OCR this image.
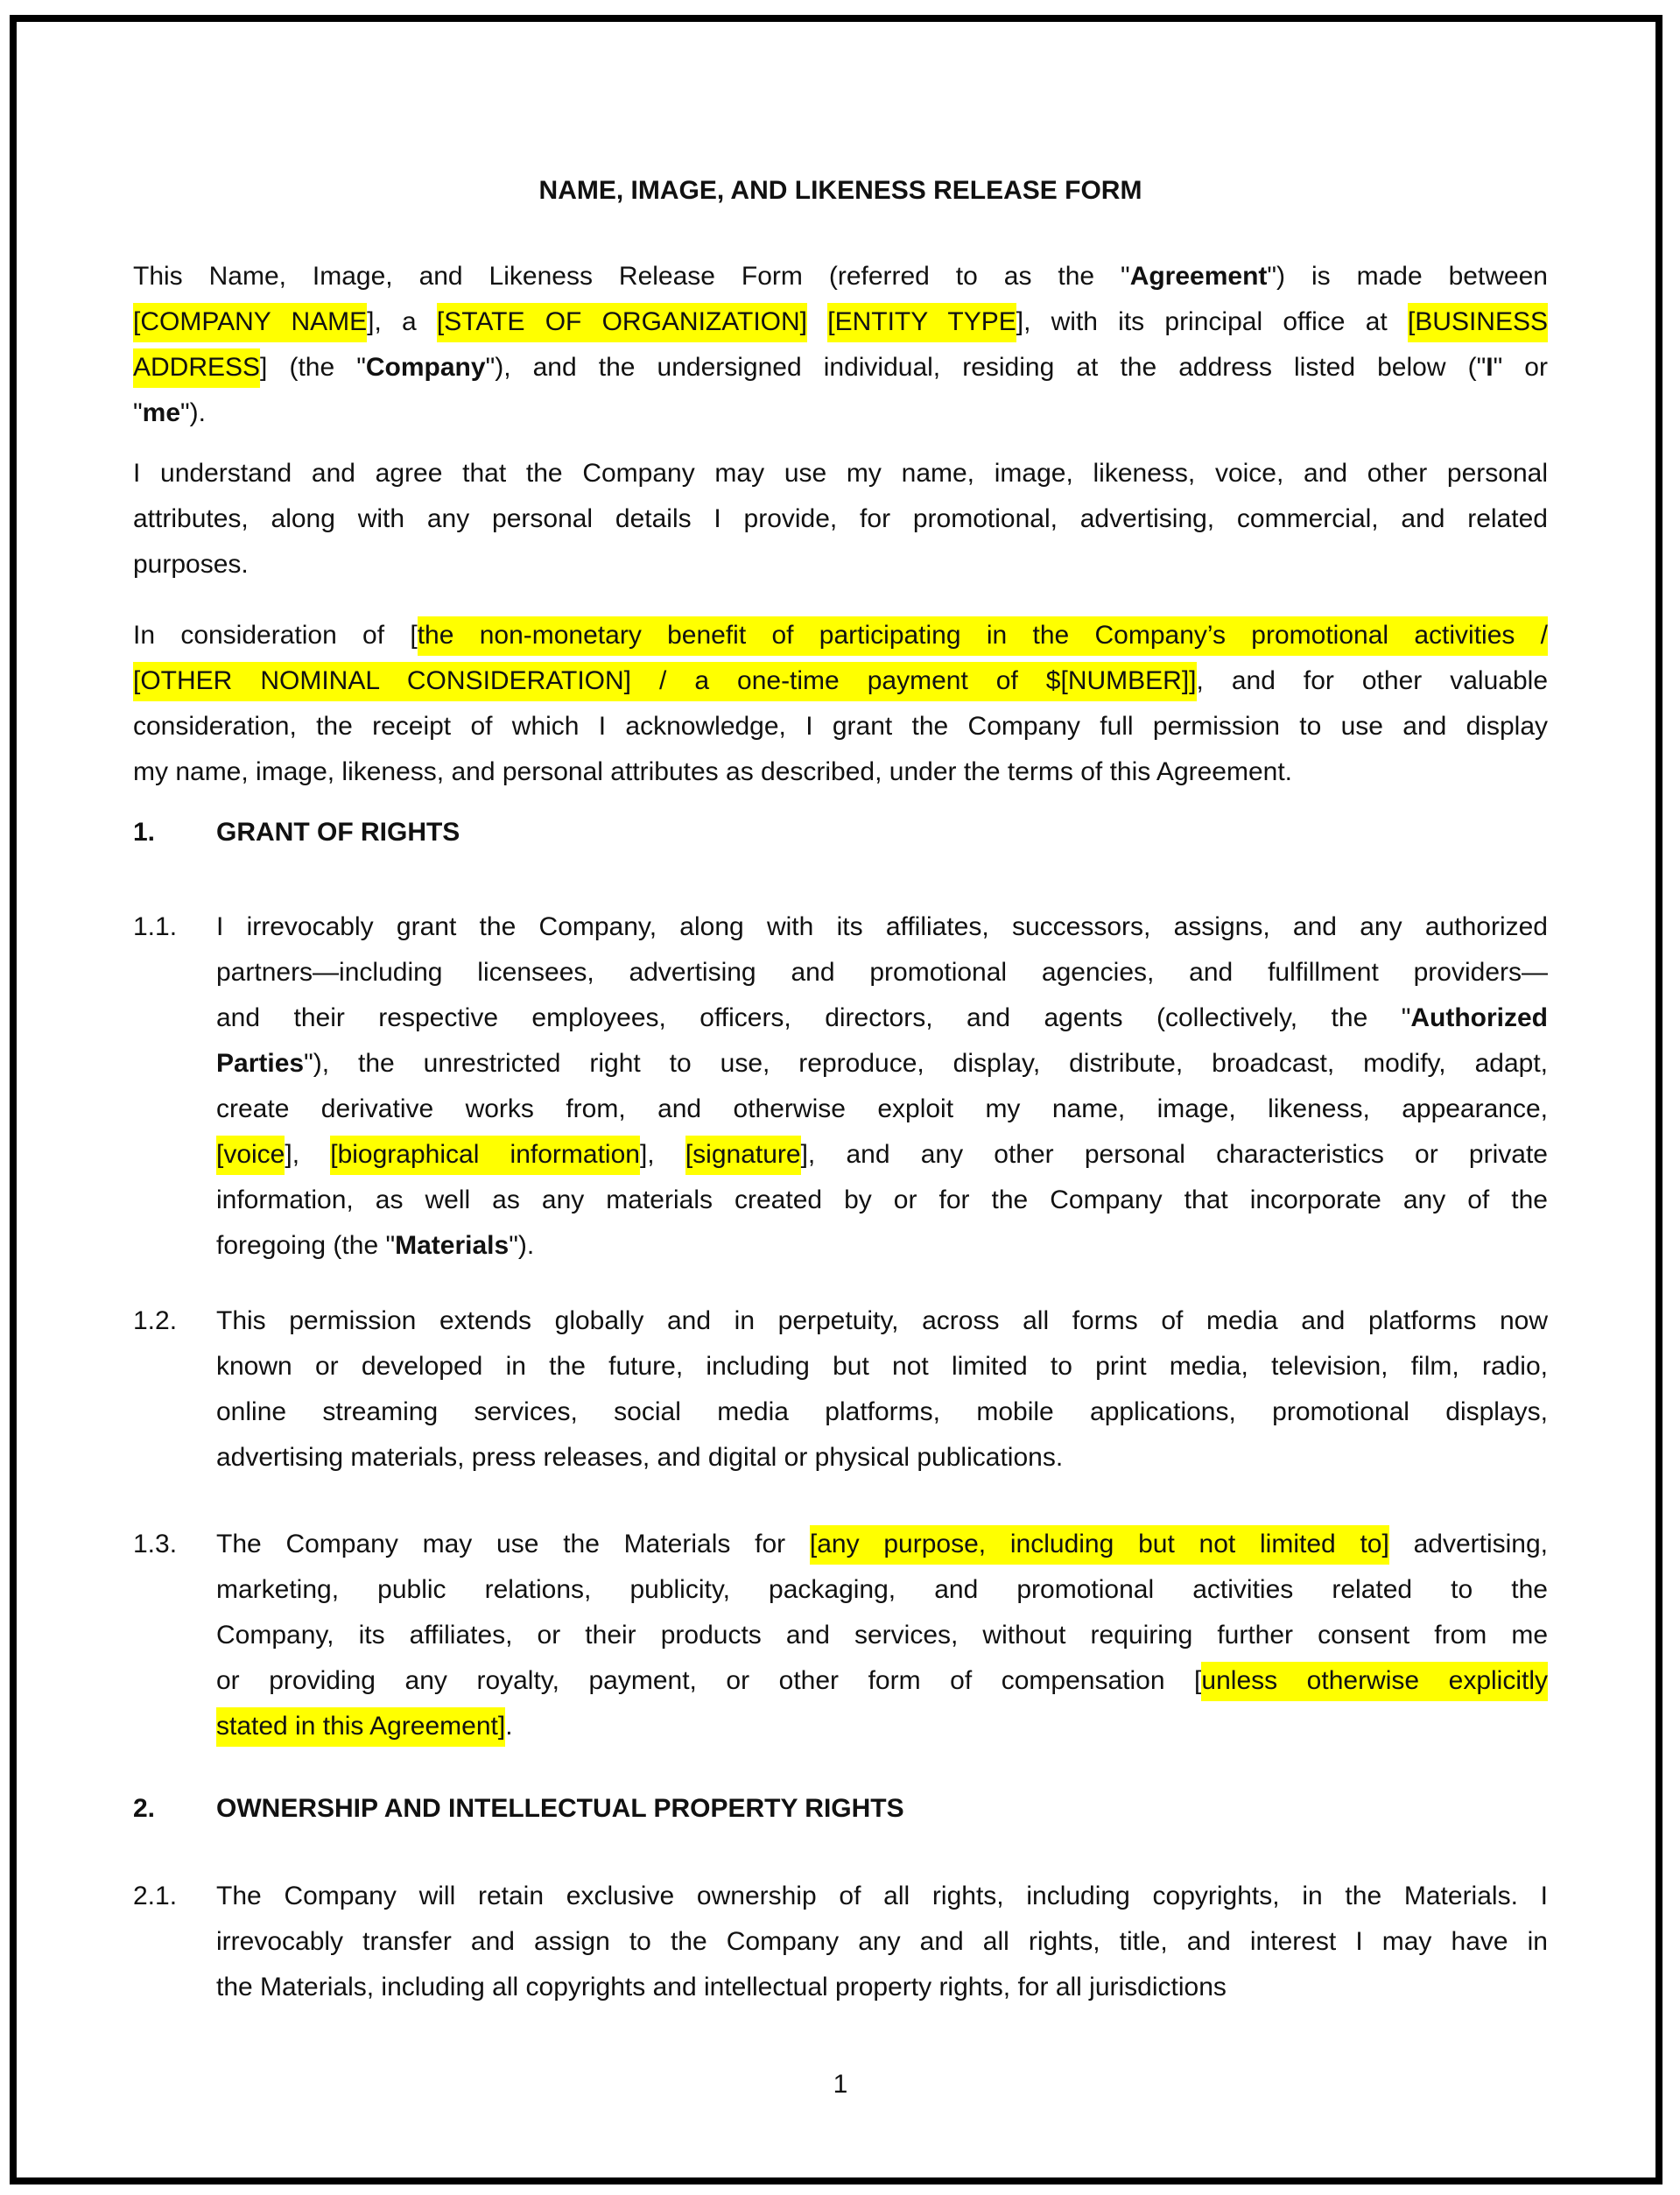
NAME, IMAGE, AND LIKENESS RELEASE FORM
This Name, Image, and Likeness Release Form (referred to as the "Agreement") is made between
[COMPANY NAME], a [STATE OF ORGANIZATION] [ENTITY TYPE], with its principal office at [BUSINESS
ADDRESS] (the "Company"), and the undersigned individual, residing at the address listed below ("I" or
"me").
I understand and agree that the Company may use my name, image, likeness, voice, and other personal
attributes, along with any personal details I provide, for promotional, advertising, commercial, and related
purposes.
In consideration of [the non-monetary benefit of participating in the Company’s promotional activities /
[OTHER NOMINAL CONSIDERATION] / a one-time payment of $[NUMBER]], and for other valuable
consideration, the receipt of which I acknowledge, I grant the Company full permission to use and display
my name, image, likeness, and personal attributes as described, under the terms of this Agreement.
1. GRANT OF RIGHTS
1.1. I irrevocably grant the Company, along with its affiliates, successors, assigns, and any authorized
partners—including licensees, advertising and promotional agencies, and fulfillment providers—
and their respective employees, officers, directors, and agents (collectively, the "Authorized
Parties"), the unrestricted right to use, reproduce, display, distribute, broadcast, modify, adapt,
create derivative works from, and otherwise exploit my name, image, likeness, appearance,
[voice], [biographical information], [signature], and any other personal characteristics or private
information, as well as any materials created by or for the Company that incorporate any of the
foregoing (the "Materials").
1.2. This permission extends globally and in perpetuity, across all forms of media and platforms now
known or developed in the future, including but not limited to print media, television, film, radio,
online streaming services, social media platforms, mobile applications, promotional displays,
advertising materials, press releases, and digital or physical publications.
1.3. The Company may use the Materials for [any purpose, including but not limited to] advertising,
marketing, public relations, publicity, packaging, and promotional activities related to the
Company, its affiliates, or their products and services, without requiring further consent from me
or providing any royalty, payment, or other form of compensation [unless otherwise explicitly
stated in this Agreement].
2. OWNERSHIP AND INTELLECTUAL PROPERTY RIGHTS
2.1. The Company will retain exclusive ownership of all rights, including copyrights, in the Materials. I
irrevocably transfer and assign to the Company any and all rights, title, and interest I may have in
the Materials, including all copyrights and intellectual property rights, for all jurisdictions
1
